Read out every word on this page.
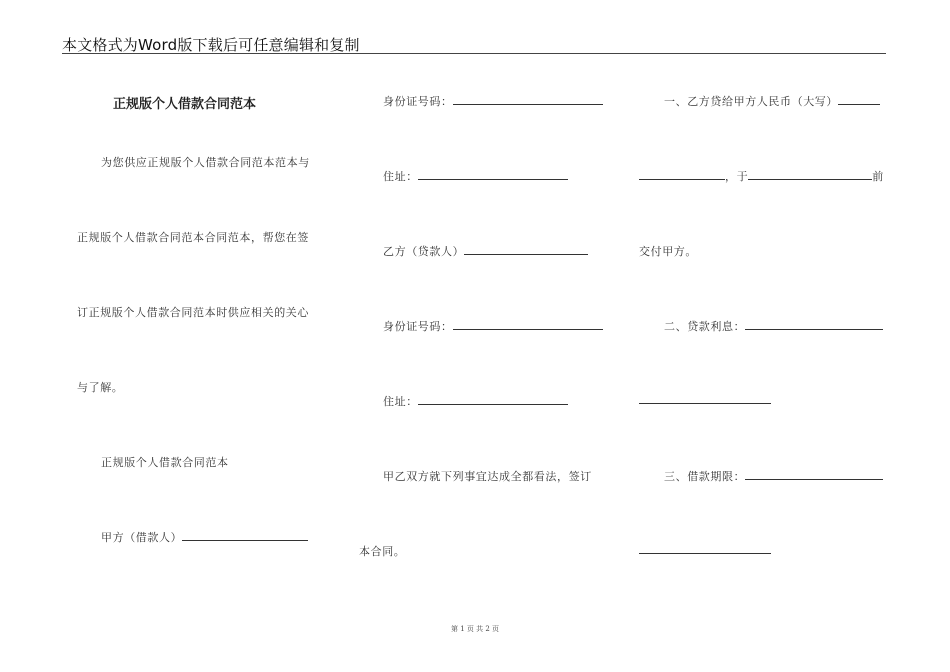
本文格式为Word版下载后可任意编辑和复制
正规版个人借款合同范本
为您供应正规版个人借款合同范本范本与
正规版个人借款合同范本合同范本，帮您在签
订正规版个人借款合同范本时供应相关的关心
与了解。
正规版个人借款合同范本
甲方（借款人）
身份证号码：
住址：
乙方（贷款人）
身份证号码：
住址：
甲乙双方就下列事宜达成全都看法，签订
本合同。
一、乙方贷给甲方人民币（大写）
，于	前
交付甲方。
二、贷款利息：
三、借款期限：
第 1 页 共 2 页
